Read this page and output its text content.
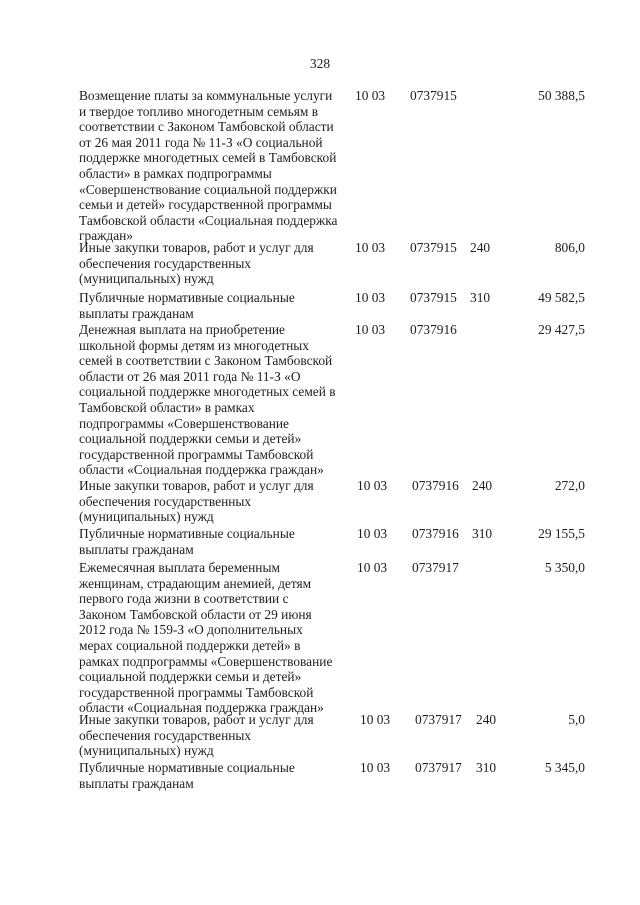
328
Возмещение платы за коммунальные услуги
и твердое топливо многодетным семьям в
соответствии с Законом Тамбовской области
от 26 мая 2011 года № 11-З «О социальной
поддержке многодетных семей в Тамбовской
области» в рамках подпрограммы
«Совершенствование социальной поддержки
семьи и детей» государственной программы
Тамбовской области «Социальная поддержка
граждан»
10 03 0737915	50 388,5
Иные закупки товаров, работ и услуг для
обеспечения государственных
(муниципальных) нужд
10 03 0737915 240	806,0
Публичные нормативные социальные
выплаты гражданам
10 03 0737915 310	49 582,5
Денежная выплата на приобретение
школьной формы детям из многодетных
семей в соответствии с Законом Тамбовской
области от 26 мая 2011 года № 11-З «О
социальной поддержке многодетных семей в
Тамбовской области» в рамках
подпрограммы «Совершенствование
социальной поддержки семьи и детей»
государственной программы Тамбовской
области «Социальная поддержка граждан»
10 03 0737916	29 427,5
Иные закупки товаров, работ и услуг для
обеспечения государственных
(муниципальных) нужд
10 03 0737916 240	272,0
Публичные нормативные социальные
выплаты гражданам
10 03 0737916 310	29 155,5
Ежемесячная выплата беременным
женщинам, страдающим анемией, детям
первого года жизни в соответствии с
Законом Тамбовской области от 29 июня
2012 года № 159-З «О дополнительных
мерах социальной поддержки детей» в
рамках подпрограммы «Совершенствование
социальной поддержки семьи и детей»
государственной программы Тамбовской
области «Социальная поддержка граждан»
10 03 0737917	5 350,0
Иные закупки товаров, работ и услуг для
обеспечения государственных
(муниципальных) нужд
10 03 0737917 240	5,0
Публичные нормативные социальные
выплаты гражданам
10 03 0737917 310	5 345,0
